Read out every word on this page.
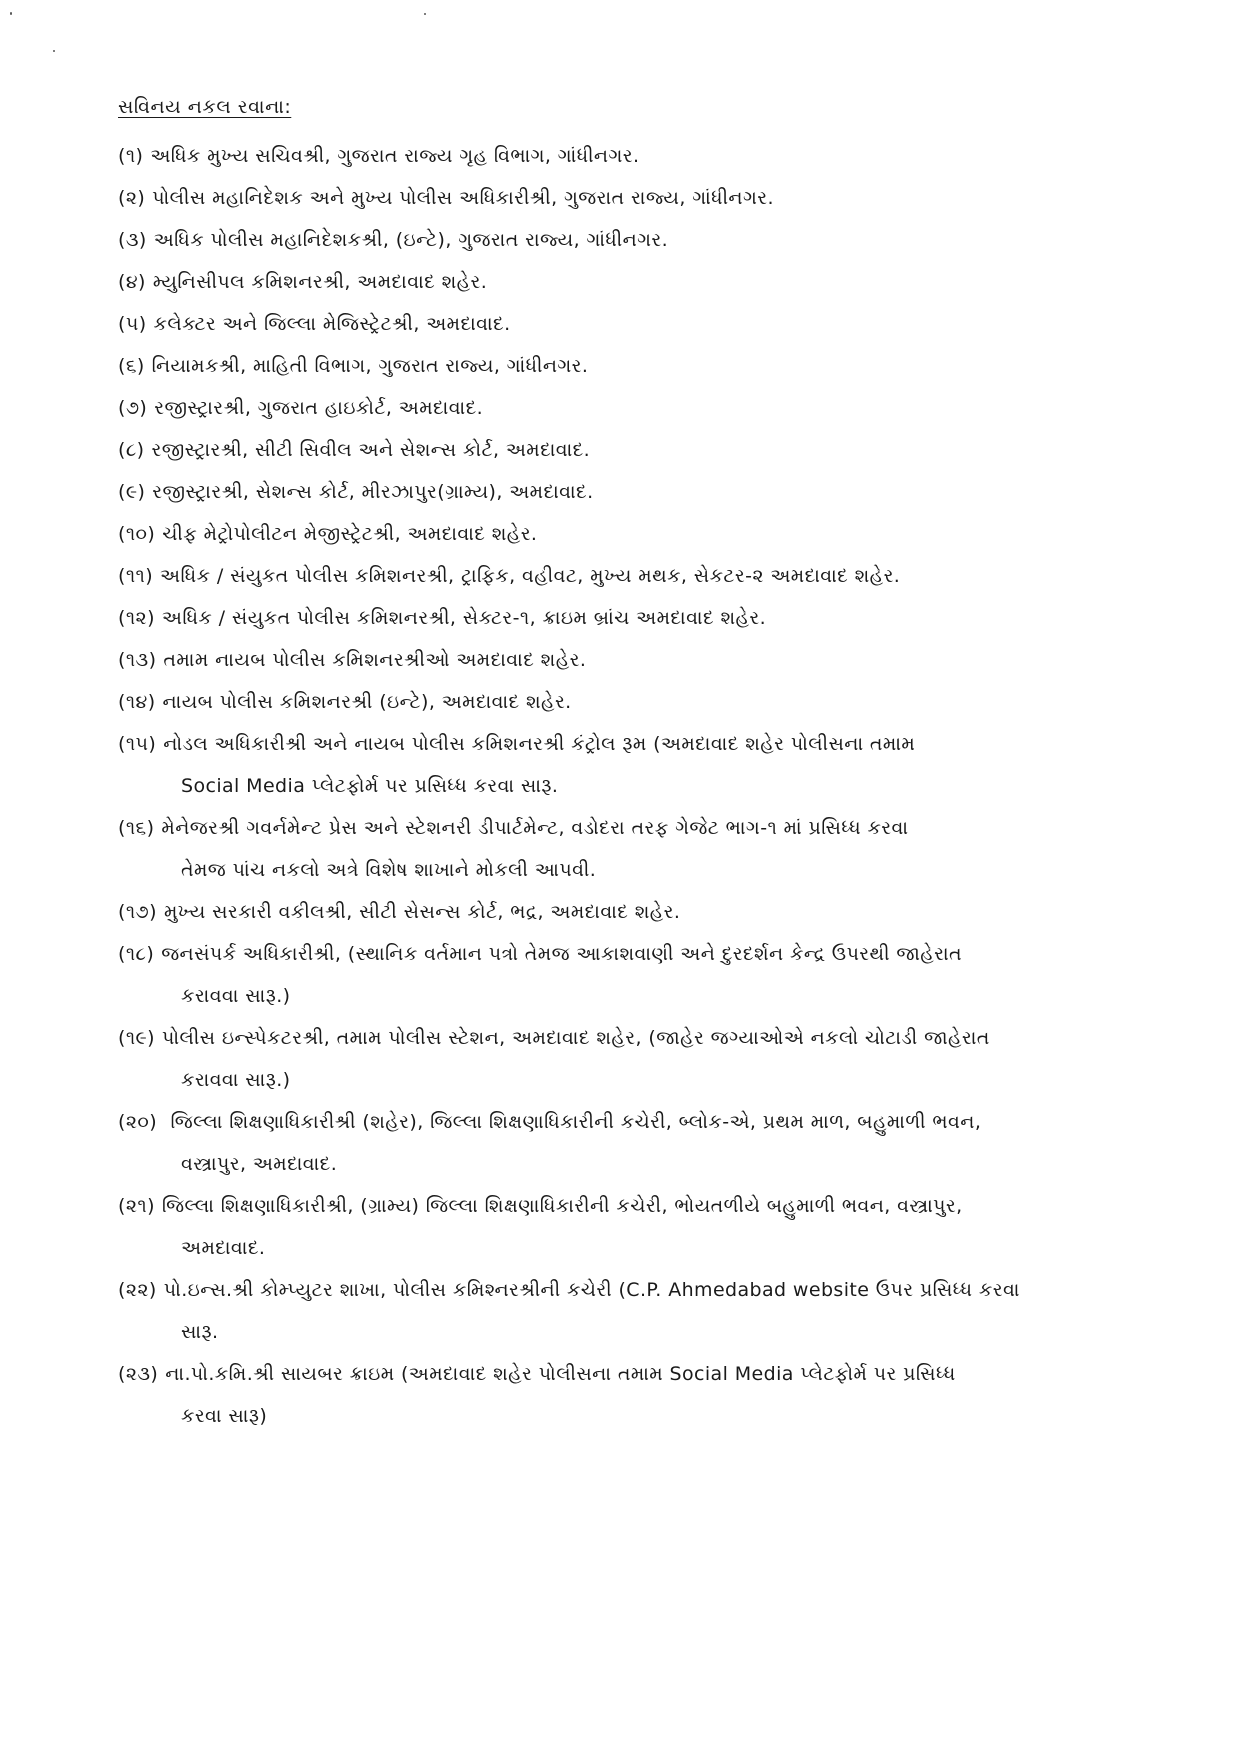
સવિનય નકલ રવાના:
(૧) અધિક મુખ્ય સચિવશ્રી, ગુજરાત રાજ્ય ગૃહ વિભાગ, ગાંધીનગર.
(૨) પોલીસ મહાનિદેશક અને મુખ્ય પોલીસ અધિકારીશ્રી, ગુજરાત રાજ્ય, ગાંધીનગર.
(૩) અધિક પોલીસ મહાનિદેશકશ્રી, (ઇન્ટે), ગુજરાત રાજ્ય, ગાંધીનગર.
(૪) મ્યુનિસીપલ કમિશનરશ્રી, અમદાવાદ શહેર.
(૫) કલેક્ટર અને જિલ્લા મેજિસ્ટ્રેટશ્રી, અમદાવાદ.
(૬) નિયામકશ્રી, માહિતી વિભાગ, ગુજરાત રાજ્ય, ગાંધીનગર.
(૭) રજીસ્ટ્રારશ્રી, ગુજરાત હાઇકોર્ટ, અમદાવાદ.
(૮) રજીસ્ટ્રારશ્રી, સીટી સિવીલ અને સેશન્સ કોર્ટ, અમદાવાદ.
(૯) રજીસ્ટ્રારશ્રી, સેશન્સ કોર્ટ, મીરઝાપુર(ગ્રામ્ય), અમદાવાદ.
(૧૦) ચીફ મેટ્રોપોલીટન મેજીસ્ટ્રેટશ્રી, અમદાવાદ શહેર.
(૧૧) અધિક / સંયુકત પોલીસ કમિશનરશ્રી, ટ્રાફિક, વહીવટ, મુખ્ય મથક, સેકટર-૨ અમદાવાદ શહેર.
(૧૨) અધિક / સંયુકત પોલીસ કમિશનરશ્રી, સેક્ટર-૧, ક્રાઇમ બ્રાંચ અમદાવાદ શહેર.
(૧૩) તમામ નાયબ પોલીસ કમિશનરશ્રીઓ અમદાવાદ શહેર.
(૧૪) નાયબ પોલીસ કમિશનરશ્રી (ઇન્ટે), અમદાવાદ શહેર.
(૧૫) નોડલ અધિકારીશ્રી અને નાયબ પોલીસ કમિશનરશ્રી કંટ્રોલ રૂમ (અમદાવાદ શહેર પોલીસના તમામ
Social Media પ્લેટફોર્મ પર પ્રસિધ્ધ કરવા સારૂ.
(૧૬) મેનેજરશ્રી ગવર્નમેન્ટ પ્રેસ અને સ્ટેશનરી ડીપાર્ટમેન્ટ, વડોદરા તરફ ગેજેટ ભાગ-૧ માં પ્રસિધ્ધ કરવા
તેમજ પાંચ નકલો અત્રે વિશેષ શાખાને મોકલી આપવી.
(૧૭) મુખ્ય સરકારી વકીલશ્રી, સીટી સેસન્સ કોર્ટ, ભદ્ર, અમદાવાદ શહેર.
(૧૮) જનસંપર્ક અધિકારીશ્રી, (સ્થાનિક વર્તમાન પત્રો તેમજ આકાશવાણી અને દુરદર્શન કેન્દ્ર ઉપરથી જાહેરાત
કરાવવા સારૂ.)
(૧૯) પોલીસ ઇન્સ્પેકટરશ્રી, તમામ પોલીસ સ્ટેશન, અમદાવાદ શહેર, (જાહેર જગ્યાઓએ નકલો ચોટાડી જાહેરાત
કરાવવા સારૂ.)
(૨૦) જિલ્લા શિક્ષણાધિકારીશ્રી (શહેર), જિલ્લા શિક્ષણાધિકારીની કચેરી, બ્લોક-એ, પ્રથમ માળ, બહુમાળી ભવન,
વસ્ત્રાપુર, અમદાવાદ.
(૨૧) જિલ્લા શિક્ષણાધિકારીશ્રી, (ગ્રામ્ય) જિલ્લા શિક્ષણાધિકારીની કચેરી, ભોયતળીયે બહુમાળી ભવન, વસ્ત્રાપુર,
અમદાવાદ.
(૨૨) પો.ઇન્સ.શ્રી કોમ્પ્યુટર શાખા, પોલીસ કમિશ્નરશ્રીની કચેરી (C.P. Ahmedabad website ઉપર પ્રસિધ્ધ કરવા
સારૂ.
(૨૩) ના.પો.કમિ.શ્રી સાયબર ક્રાઇમ (અમદાવાદ શહેર પોલીસના તમામ Social Media પ્લેટફોર્મ પર પ્રસિધ્ધ
કરવા સારૂ)
